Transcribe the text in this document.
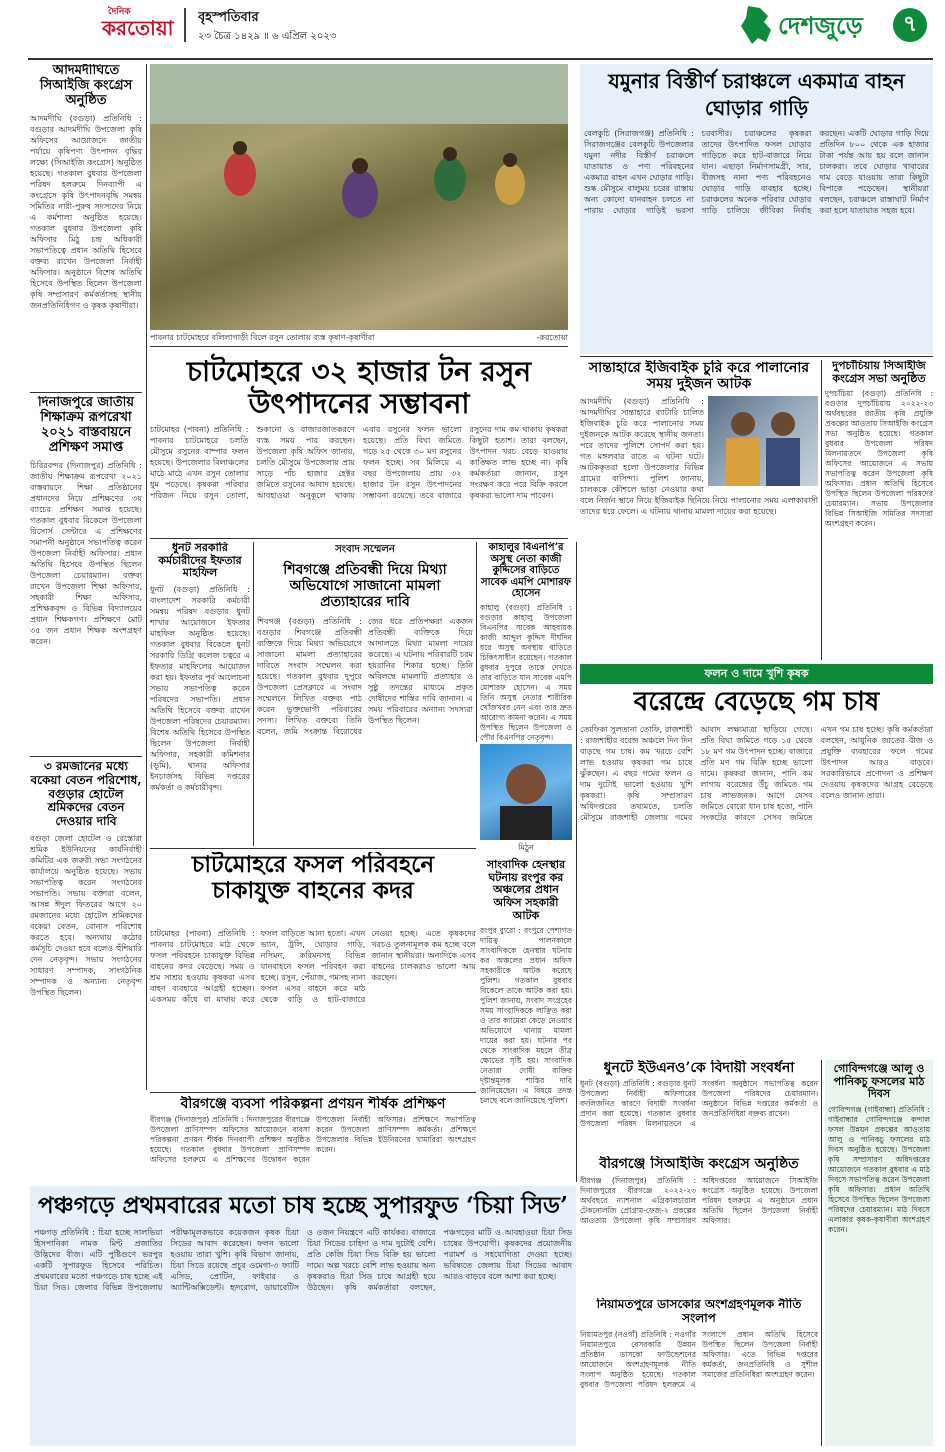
দৈনিক
করতোয়া বৃহস্পতিবার
২৩ চৈত্র ১৪২৯ ॥ ৬ এপ্রিল ২০২৩	দেশজুড়ে	৭
আদমদীঘিতে সিআইজি কংগ্রেস অনুষ্ঠিত
আদমদীঘি (বগুড়া) প্রতিনিধি : বগুড়ার আদমদীঘি উপজেলা কৃষি অফিসের আয়োজনে জাতীয় পর্যায়ে কৃষিপণ্য উৎপাদন বৃদ্ধির লক্ষ্যে (সিআইজি কংগ্রেস) অনুষ্ঠিত হয়েছে। গতকাল বুধবার উপজেলা পরিষদ হলরুমে দিনব্যাপী এ কংগ্রেসে কৃষি উৎপাদনবৃদ্ধি সমন্বয় সমিতির নারী-পুরুষ সদস্যদের নিয়ে এ কর্মশালা অনুষ্ঠিত হয়েছে। গতকাল বুধবার উপজেলা কৃষি অফিসার মিঠু চন্দ্র অধিকারী সভাপতিত্বে প্রধান অতিথি হিসেবে বক্তব্য রাখেন উপজেলা নির্বাহী অফিসার। অনুষ্ঠানে বিশেষ অতিথি হিসেবে উপস্থিত ছিলেন উপজেলা কৃষি সম্প্রসারণ কর্মকর্তাসহ স্থানীয় জনপ্রতিনিধিগণ ও কৃষক কৃষাণীরা।
দিনাজপুরে জাতীয় শিক্ষাক্রম রূপরেখা ২০২১ বাস্তবায়নে প্রশিক্ষণ সমাপ্ত
চিরিরবন্দর (দিনাজপুর) প্রতিনিধি : জাতীয় শিক্ষাক্রম রূপরেখা ২০২১ বাস্তবায়নে শিক্ষা প্রতিষ্ঠানের প্রধানদের নিয়ে প্রশিক্ষণের ৩য় ব্যাচের প্রশিক্ষণ সমাপ্ত হয়েছে। গতকাল বুধবার বিকেলে উপজেলা রিসোর্স সেন্টারে এ প্রশিক্ষণের সমাপনী অনুষ্ঠানে সভাপতিত্ব করেন উপজেলা নির্বাহী অফিসার। প্রধান অতিথি হিসেবে উপস্থিত ছিলেন উপজেলা চেয়ারম্যান। বক্তব্য রাখেন উপজেলা শিক্ষা অফিসার, সহকারী শিক্ষা অফিসার, প্রশিক্ষকবৃন্দ ও বিভিন্ন বিদ্যালয়ের প্রধান শিক্ষকগণ। প্রশিক্ষণে মোট ৩৫ জন প্রধান শিক্ষক অংশগ্রহণ করেন।
৩ রমজানের মধ্যে বকেয়া বেতন পরিশোধ, বগুড়ার হোটেল শ্রমিকদের বেতন দেওয়ার দাবি
বগুড়া জেলা হোটেল ও রেস্তোরা শ্রমিক ইউনিয়নের কার্যনির্বাহী কমিটির এক জরুরী সভা সংগঠনের কার্যালয়ে অনুষ্ঠিত হয়েছে। সভায় সভাপতিত্ব করেন সংগঠনের সভাপতি। সভায় বক্তারা বলেন, আসন্ন ঈদুল ফিতরের আগে ২০ রমজানের মধ্যে হোটেল শ্রমিকদের বকেয়া বেতন, বোনাস পরিশোধ করতে হবে। অন্যথায় কঠোর কর্মসূচি দেওয়া হবে বলেও হুঁশিয়ারি দেন নেতৃবৃন্দ। সভায় সংগঠনের সাধারণ সম্পাদক, সাংগঠনিক সম্পাদক ও অন্যান্য নেতৃবৃন্দ উপস্থিত ছিলেন।
পাবনার চাটমোহরে বলিলাগাড়ী বিলে রসুন তোলায় ব্যস্ত কৃষাণ-কৃষাণীরা	-করতোয়া
চাটমোহরে ৩২ হাজার টন রসুন উৎপাদনের সম্ভাবনা
চাটমোহর (পাবনা) প্রতিনিধি : পাবনার চাটমোহরে চলতি মৌসুমে রসুনের বাম্পার ফলন হয়েছে। উপজেলার বিলাঞ্চলের মাঠে মাঠে এখন রসুন তোলার ধুম পড়েছে। কৃষকরা পরিবার পরিজন নিয়ে রসুন তোলা, শুকানো ও বাজারজাতকরণে ব্যস্ত সময় পার করছেন। উপজেলা কৃষি অফিস জানায়, চলতি মৌসুমে উপজেলায় প্রায় সাড়ে পাঁচ হাজার হেক্টর জমিতে রসুনের আবাদ হয়েছে। আবহাওয়া অনুকূলে থাকায় এবার রসুনের ফলন ভালো হয়েছে। প্রতি বিঘা জমিতে গড়ে ২৫ থেকে ৩০ মণ রসুনের ফলন হচ্ছে। সব মিলিয়ে এ বছর উপজেলায় প্রায় ৩২ হাজার টন রসুন উৎপাদনের সম্ভাবনা রয়েছে। তবে বাজারে রসুনের দাম কম থাকায় কৃষকরা কিছুটা হতাশ। তারা বলছেন, উৎপাদন খরচ বেড়ে যাওয়ায় কাঙ্ক্ষিত লাভ হচ্ছে না। কৃষি কর্মকর্তারা জানান, রসুন সংরক্ষণ করে পরে বিক্রি করলে কৃষকরা ভালো দাম পাবেন।
ধুনট সরকারি কর্মচারীদের ইফতার মাহফিল
ধুনট (বগুড়া) প্রতিনিধি : বাংলাদেশ সরকারি কর্মচারী সমন্বয় পরিষদ বগুড়ার ধুনট শাখার আয়োজনে ইফতার মাহফিল অনুষ্ঠিত হয়েছে। গতকাল বুধবার বিকেলে ধুনট সরকারি ডিগ্রি কলেজ চত্বরে এ ইফতার মাহফিলের আয়োজন করা হয়। ইফতার পূর্ব আলোচনা সভায় সভাপতিত্ব করেন পরিষদের সভাপতি। প্রধান অতিথি হিসেবে বক্তব্য রাখেন উপজেলা পরিষদের চেয়ারম্যান। বিশেষ অতিথি হিসেবে উপস্থিত ছিলেন উপজেলা নির্বাহী অফিসার, সহকারী কমিশনার (ভূমি), থানার অফিসার ইনচার্জসহ বিভিন্ন দপ্তরের কর্মকর্তা ও কর্মচারীবৃন্দ।
সংবাদ সম্মেলন
শিবগঞ্জে প্রতিবন্ধী দিয়ে মিথ্যা অভিযোগে সাজানো মামলা প্রত্যাহারের দাবি
শিবগঞ্জ (বগুড়া) প্রতিনিধি : বগুড়ার শিবগঞ্জে প্রতিবন্ধী ব্যক্তিকে দিয়ে মিথ্যা অভিযোগে সাজানো মামলা প্রত্যাহারের দাবিতে সংবাদ সম্মেলন করা হয়েছে। গতকাল বুধবার দুপুরে উপজেলা প্রেসক্লাবে এ সংবাদ সম্মেলনে লিখিত বক্তব্য পাঠ করেন ভুক্তভোগী পরিবারের সদস্য। লিখিত বক্তব্যে তিনি বলেন, জমি সংক্রান্ত বিরোধের জের ধরে প্রতিপক্ষরা একজন প্রতিবন্ধী ব্যক্তিকে দিয়ে আদালতে মিথ্যা মামলা দায়ের করেছে। এ ঘটনায় পরিবারটি চরম হয়রানির শিকার হচ্ছে। তিনি অবিলম্বে মামলাটি প্রত্যাহার ও সুষ্ঠু তদন্তের মাধ্যমে প্রকৃত দোষীদের শাস্তির দাবি জানান। এ সময় পরিবারের অন্যান্য সদস্যরা উপস্থিত ছিলেন।
কাহালুর বিএনপি’র অসুস্থ নেতা কাজী কুদ্দিসের বাড়িতে সাবেক এমপি মোশারফ হোসেন
কাহালু (বগুড়া) প্রতিনিধি : বগুড়ার কাহালু উপজেলা বিএনপির সাবেক আহবায়ক কাজী আব্দুল কুদ্দিস দীর্ঘদিন ধরে অসুস্থ অবস্থায় বাড়িতে চিকিৎসাধীন রয়েছেন। গতকাল বুধবার দুপুরে তাকে দেখতে তার বাড়িতে যান সাবেক এমপি মোশারফ হোসেন। এ সময় তিনি অসুস্থ নেতার শারীরিক খোঁজখবর নেন এবং তার দ্রুত আরোগ্য কামনা করেন। এ সময় উপস্থিত ছিলেন উপজেলা ও পৌর বিএনপির নেতৃবৃন্দ।
মিঠুন
সাংবাদিক হেনস্থার ঘটনায় রংপুর কর অঞ্চলের প্রধান অফিস সহকারী আটক
রংপুর ব্যুরো : রংপুরে পেশাগত দায়িত্ব পালনকালে সাংবাদিককে হেনস্থার ঘটনায় কর অঞ্চলের প্রধান অফিস সহকারীকে আটক করেছে পুলিশ। গতকাল বুধবার বিকেলে তাকে আটক করা হয়। পুলিশ জানায়, সংবাদ সংগ্রহের সময় সাংবাদিককে লাঞ্ছিত করা ও তার ক্যামেরা কেড়ে নেওয়ার অভিযোগে থানায় মামলা দায়ের করা হয়। ঘটনার পর থেকে সাংবাদিক মহলে তীব্র ক্ষোভের সৃষ্টি হয়। সাংবাদিক নেতারা দোষী ব্যক্তির দৃষ্টান্তমূলক শাস্তির দাবি জানিয়েছেন। এ বিষয়ে তদন্ত চলছে বলে জানিয়েছে পুলিশ।
চাটমোহরে ফসল পরিবহনে চাকাযুক্ত বাহনের কদর
চাটমোহর (পাবনা) প্রতিনিধি : পাবনার চাটমোহরে মাঠ থেকে ফসল পরিবহনে চাকাযুক্ত বিভিন্ন বাহনের কদর বেড়েছে। সময় ও শ্রম সাশ্রয় হওয়ায় কৃষকরা এসব বাহন ব্যবহারে আগ্রহী হচ্ছেন। একসময় কাঁধে বা মাথায় করে ফসল বাড়িতে আনা হতো। এখন ভ্যান, ট্রলি, ঘোড়ার গাড়ি, নসিমন, করিমনসহ বিভিন্ন যানবাহনে ফসল পরিবহন করা হচ্ছে। রসুন, পেঁয়াজ, গমসহ নানা ফসল এসব বাহনে করে মাঠ থেকে বাড়ি ও হাট-বাজারে নেওয়া হচ্ছে। এতে কৃষকদের খরচও তুলনামূলক কম হচ্ছে বলে জানান স্থানীয়রা। অন্যদিকে এসব বাহনের চালকরাও ভালো আয় করছেন।
বীরগঞ্জে ব্যবসা পরিকল্পনা প্রণয়ন শীর্ষক প্রশিক্ষণ
বীরগঞ্জ (দিনাজপুর) প্রতিনিধি : দিনাজপুরের বীরগঞ্জে উপজেলা প্রাণিসম্পদ অফিসের আয়োজনে ব্যবসা পরিকল্পনা প্রণয়ন শীর্ষক দিনব্যাপী প্রশিক্ষণ অনুষ্ঠিত হয়েছে। গতকাল বুধবার উপজেলা প্রাণিসম্পদ অফিসের হলরুমে এ প্রশিক্ষণের উদ্বোধন করেন উপজেলা নির্বাহী অফিসার। প্রশিক্ষণে সভাপতিত্ব করেন উপজেলা প্রাণিসম্পদ কর্মকর্তা। প্রশিক্ষণে উপজেলার বিভিন্ন ইউনিয়নের খামারিরা অংশগ্রহণ করেন।
যমুনার বিস্তীর্ণ চরাঞ্চলে একমাত্র বাহন ঘোড়ার গাড়ি
বেলকুচি (সিরাজগঞ্জ) প্রতিনিধি : সিরাজগঞ্জের বেলকুচি উপজেলার যমুনা নদীর বিস্তীর্ণ চরাঞ্চলে যাতায়াত ও পণ্য পরিবহনের একমাত্র বাহন এখন ঘোড়ার গাড়ি। শুষ্ক মৌসুমে বালুময় চরের রাস্তায় অন্য কোনো যানবাহন চলতে না পারায় ঘোড়ার গাড়িই ভরসা চরবাসীর। চরাঞ্চলের কৃষকরা তাদের উৎপাদিত ফসল ঘোড়ার গাড়িতে করে হাট-বাজারে নিয়ে যান। এছাড়া নির্মাণসামগ্রী, সার, বীজসহ নানা পণ্য পরিবহনেও ঘোড়ার গাড়ি ব্যবহার হচ্ছে। চরাঞ্চলের অনেক পরিবার ঘোড়ার গাড়ি চালিয়ে জীবিকা নির্বাহ করছেন। একটি ঘোড়ার গাড়ি দিয়ে প্রতিদিন ৮০০ থেকে এক হাজার টাকা পর্যন্ত আয় হয় বলে জানান চালকরা। তবে ঘোড়ার খাবারের দাম বেড়ে যাওয়ায় তারা কিছুটা বিপাকে পড়েছেন। স্থানীয়রা বলছেন, চরাঞ্চলে রাস্তাঘাট নির্মাণ করা হলে যাতায়াত সহজ হবে।
সান্তাহারে ইজিবাইক চুরি করে পালানোর সময় দুইজন আটক
আদমদীঘি (বগুড়া) প্রতিনিধি : আদমদীঘির সান্তাহারে ব্যাটারি চালিত ইজিবাইক চুরি করে পালানোর সময় দুইজনকে আটক করেছে স্থানীয় জনতা। পরে তাদের পুলিশে সোপর্দ করা হয়। গত মঙ্গলবার রাতে এ ঘটনা ঘটে। আটককৃতরা হলো উপজেলার বিভিন্ন গ্রামের বাসিন্দা। পুলিশ জানায়, চালককে কৌশলে ভাড়া নেওয়ার কথা বলে নির্জন স্থানে নিয়ে ইজিবাইক ছিনিয়ে নিয়ে পালানোর সময় এলাকাবাসী তাদের ধরে ফেলে। এ ঘটনায় থানায় মামলা দায়ের করা হয়েছে।
দুপচাঁচিয়ায় সিআইজি কংগ্রেস সভা অনুষ্ঠিত
দুপচাঁচিয়া (বগুড়া) প্রতিনিধি : বগুড়ার দুপচাঁচিয়ায় ২০২২-২৩ অর্থবছরের জাতীয় কৃষি প্রযুক্তি প্রকল্পের আওতায় সিআইজি কংগ্রেস সভা অনুষ্ঠিত হয়েছে। গতকাল বুধবার উপজেলা পরিষদ মিলনায়তনে উপজেলা কৃষি অফিসের আয়োজনে এ সভায় সভাপতিত্ব করেন উপজেলা কৃষি অফিসার। প্রধান অতিথি হিসেবে উপস্থিত ছিলেন উপজেলা পরিষদের চেয়ারম্যান। সভায় উপজেলার বিভিন্ন সিআইজি সমিতির সদস্যরা অংশগ্রহণ করেন।
ফলন ও দামে খুশি কৃষক
বরেন্দ্রে বেড়েছে গম চাষ
তোফিকা সুলতানা তোফি, রাজশাহী : রাজশাহীর বরেন্দ্র অঞ্চলে দিন দিন বাড়ছে গম চাষ। কম খরচে বেশি লাভ হওয়ায় কৃষকরা গম চাষে ঝুঁকছেন। এ বছর গমের ফলন ও দাম দুটোই ভালো হওয়ায় খুশি কৃষকরা। কৃষি সম্প্রসারণ অধিদপ্তরের তথ্যমতে, চলতি মৌসুমে রাজশাহী জেলায় গমের আবাদ লক্ষ্যমাত্রা ছাড়িয়ে গেছে। প্রতি বিঘা জমিতে গড়ে ১৫ থেকে ১৮ মণ গম উৎপাদন হচ্ছে। বাজারে প্রতি মণ গম বিক্রি হচ্ছে ভালো দামে। কৃষকরা জানান, পানি কম লাগায় বরেন্দ্রের উঁচু জমিতে গম চাষ লাভজনক। আগে যেসব জমিতে বোরো ধান চাষ হতো, পানি সংকটের কারণে সেসব জমিতে এখন গম চাষ হচ্ছে। কৃষি কর্মকর্তারা বলছেন, আধুনিক জাতের বীজ ও প্রযুক্তি ব্যবহারের ফলে গমের উৎপাদন আরও বাড়বে। সরকারিভাবে প্রণোদনা ও প্রশিক্ষণ দেওয়ায় কৃষকদের আগ্রহ বেড়েছে বলেও জানান তারা।
ধুনটে ইউএনও’কে বিদায়ী সংবর্ধনা
ধুনট (বগুড়া) প্রতিনিধি : বগুড়ার ধুনট উপজেলা নির্বাহী অফিসারের বদলিজনিত কারণে বিদায়ী সংবর্ধনা প্রদান করা হয়েছে। গতকাল বুধবার উপজেলা পরিষদ মিলনায়তনে এ সংবর্ধনা অনুষ্ঠানে সভাপতিত্ব করেন উপজেলা পরিষদের চেয়ারম্যান। অনুষ্ঠানে বিভিন্ন দপ্তরের কর্মকর্তা ও জনপ্রতিনিধিরা বক্তব্য রাখেন।
গোবিন্দগঞ্জে আলু ও পানিকচু ফসলের মাঠ দিবস
গোবিন্দগঞ্জ (গাইবান্ধা) প্রতিনিধি : গাইবান্ধার গোবিন্দগঞ্জে কন্দাল ফসল উন্নয়ন প্রকল্পের আওতায় আলু ও পানিকচু ফসলের মাঠ দিবস অনুষ্ঠিত হয়েছে। উপজেলা কৃষি সম্প্রসারণ অধিদপ্তরের আয়োজনে গতকাল বুধবার এ মাঠ দিবসে সভাপতিত্ব করেন উপজেলা কৃষি অফিসার। প্রধান অতিথি হিসেবে উপস্থিত ছিলেন উপজেলা পরিষদের চেয়ারম্যান। মাঠ দিবসে এলাকার কৃষক-কৃষাণীরা অংশগ্রহণ করেন।
বীরগঞ্জে সিআইজি কংগ্রেস অনুষ্ঠিত
বীরগঞ্জ (দিনাজপুর) প্রতিনিধি : দিনাজপুরের বীরগঞ্জে ২০২২-২৩ অর্থবছরে ন্যাশনাল এগ্রিকালচারাল টেকনোলজি প্রোগ্রাম-ফেজ-২ প্রকল্পের আওতায় উপজেলা কৃষি সম্প্রসারণ অধিদপ্তরের আয়োজনে সিআইজি কংগ্রেস অনুষ্ঠিত হয়েছে। উপজেলা পরিষদ হলরুমে এ অনুষ্ঠানে প্রধান অতিথি ছিলেন উপজেলা নির্বাহী অফিসার।
নিয়ামতপুরে ডাসকোর অংশগ্রহণমূলক নীতি সংলাপ
নিয়ামতপুর (নওগাঁ) প্রতিনিধি : নওগাঁর নিয়ামতপুরে বেসরকারি উন্নয়ন প্রতিষ্ঠান ডাসকো ফাউন্ডেশনের আয়োজনে অংশগ্রহণমূলক নীতি সংলাপ অনুষ্ঠিত হয়েছে। গতকাল বুধবার উপজেলা পরিষদ হলরুমে এ সংলাপে প্রধান অতিথি হিসেবে উপস্থিত ছিলেন উপজেলা নির্বাহী অফিসার। এতে বিভিন্ন দপ্তরের কর্মকর্তা, জনপ্রতিনিধি ও সুশীল সমাজের প্রতিনিধিরা অংশগ্রহণ করেন।
পঞ্চগড়ে প্রথমবারের মতো চাষ হচ্ছে সুপারফুড ‘চিয়া সিড’
পঞ্চগড় প্রতিনিধি : চিয়া হচ্ছে সালভিয়া হিসপানিকা নামক মিন্ট প্রজাতির উদ্ভিদের বীজ। এটি পুষ্টিগুণে ভরপুর একটি সুপারফুড হিসেবে পরিচিত। প্রথমবারের মতো পঞ্চগড়ে চাষ হচ্ছে এই চিয়া সিড। জেলার বিভিন্ন উপজেলায় পরীক্ষামূলকভাবে কয়েকজন কৃষক চিয়া সিডের আবাদ করেছেন। ফলন ভালো হওয়ায় তারা খুশি। কৃষি বিভাগ জানায়, চিয়া সিডে রয়েছে প্রচুর ওমেগা-৩ ফ্যাটি এসিড, প্রোটিন, ফাইবার ও অ্যান্টিঅক্সিডেন্ট। হৃদরোগ, ডায়াবেটিস ও ওজন নিয়ন্ত্রণে এটি কার্যকর। বাজারে চিয়া সিডের চাহিদা ও দাম দুটোই বেশি। প্রতি কেজি চিয়া সিড বিক্রি হয় ভালো দামে। অল্প খরচে বেশি লাভ হওয়ায় অন্য কৃষকরাও চিয়া সিড চাষে আগ্রহী হয়ে উঠছেন। কৃষি কর্মকর্তারা বলছেন, পঞ্চগড়ের মাটি ও আবহাওয়া চিয়া সিড চাষের উপযোগী। কৃষকদের প্রয়োজনীয় পরামর্শ ও সহযোগিতা দেওয়া হচ্ছে। ভবিষ্যতে জেলায় চিয়া সিডের আবাদ আরও বাড়বে বলে আশা করা হচ্ছে।
